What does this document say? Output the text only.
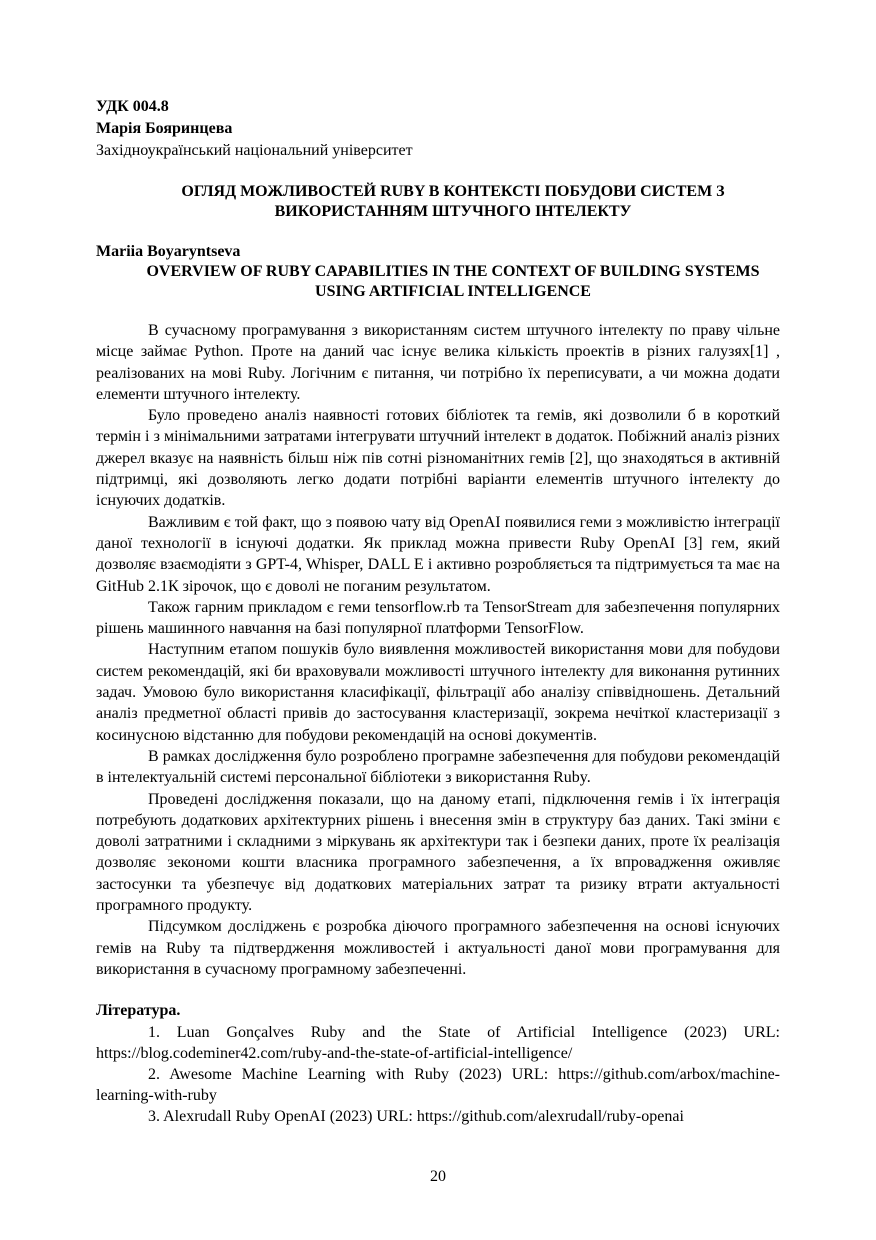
УДК 004.8
Марія Бояринцева
Західноукраїнський національний університет
ОГЛЯД МОЖЛИВОСТЕЙ RUBY В КОНТЕКСТІ ПОБУДОВИ СИСТЕМ З ВИКОРИСТАННЯМ ШТУЧНОГО ІНТЕЛЕКТУ
Mariia Boyaryntseva
OVERVIEW OF RUBY CAPABILITIES IN THE CONTEXT OF BUILDING SYSTEMS USING ARTIFICIAL INTELLIGENCE

В сучасному програмування з використанням систем штучного інтелекту по праву чільне місце займає Python. Проте на даний час існує велика кількість проектів в різних галузях[1] , реалізованих на мові Ruby. Логічним є питання, чи потрібно їх переписувати, а чи можна додати елементи штучного інтелекту.

Було проведено аналіз наявності готових бібліотек та гемів, які дозволили б в короткий термін і з мінімальними затратами інтегрувати штучний інтелект в додаток. Побіжний аналіз різних джерел вказує на наявність більш ніж пів сотні різноманітних гемів [2], що знаходяться в активній підтримці, які дозволяють легко додати потрібні варіанти елементів штучного інтелекту до існуючих додатків.

Важливим є той факт, що з появою чату від OpenAI появилися геми з можливістю інтеграції даної технології в існуючі додатки. Як приклад можна привести Ruby OpenAI [3] гем, який дозволяє взаємодіяти з GPT-4, Whisper, DALL E і активно розробляється та підтримується та має на GitHub 2.1К зірочок, що є доволі не поганим результатом.

Також гарним прикладом є геми tensorflow.rb та TensorStream для забезпечення популярних рішень машинного навчання на базі популярної платформи TensorFlow.

Наступним етапом пошуків було виявлення можливостей використання мови для побудови систем рекомендацій, які би враховували можливості штучного інтелекту для виконання рутинних задач. Умовою було використання класифікації, фільтрації або аналізу співвідношень. Детальний аналіз предметної області привів до застосування кластеризації, зокрема нечіткої кластеризації з косинусною відстанню для побудови рекомендацій на основі документів.

В рамках дослідження було розроблено програмне забезпечення для побудови рекомендацій в інтелектуальній системі персональної бібліотеки з використання Ruby.

Проведені дослідження показали, що на даному етапі, підключення гемів і їх інтеграція потребують додаткових архітектурних рішень і внесення змін в структуру баз даних. Такі зміни є доволі затратними і складними з міркувань як архітектури так і безпеки даних, проте їх реалізація дозволяє зекономи кошти власника програмного забезпечення, а їх впровадження оживляє застосунки та убезпечує від додаткових матеріальних затрат та ризику втрати актуальності програмного продукту.

Підсумком досліджень є розробка діючого програмного забезпечення на основі існуючих гемів на Ruby та підтвердження можливостей і актуальності даної мови програмування для використання в сучасному програмному забезпеченні.

Література.

1. Luan Gonçalves Ruby and the State of Artificial Intelligence (2023) URL: https://blog.codeminer42.com/ruby-and-the-state-of-artificial-intelligence/

2. Awesome Machine Learning with Ruby (2023) URL: https://github.com/arbox/machine-learning-with-ruby

3. Alexrudall Ruby OpenAI (2023) URL: https://github.com/alexrudall/ruby-openai

20
